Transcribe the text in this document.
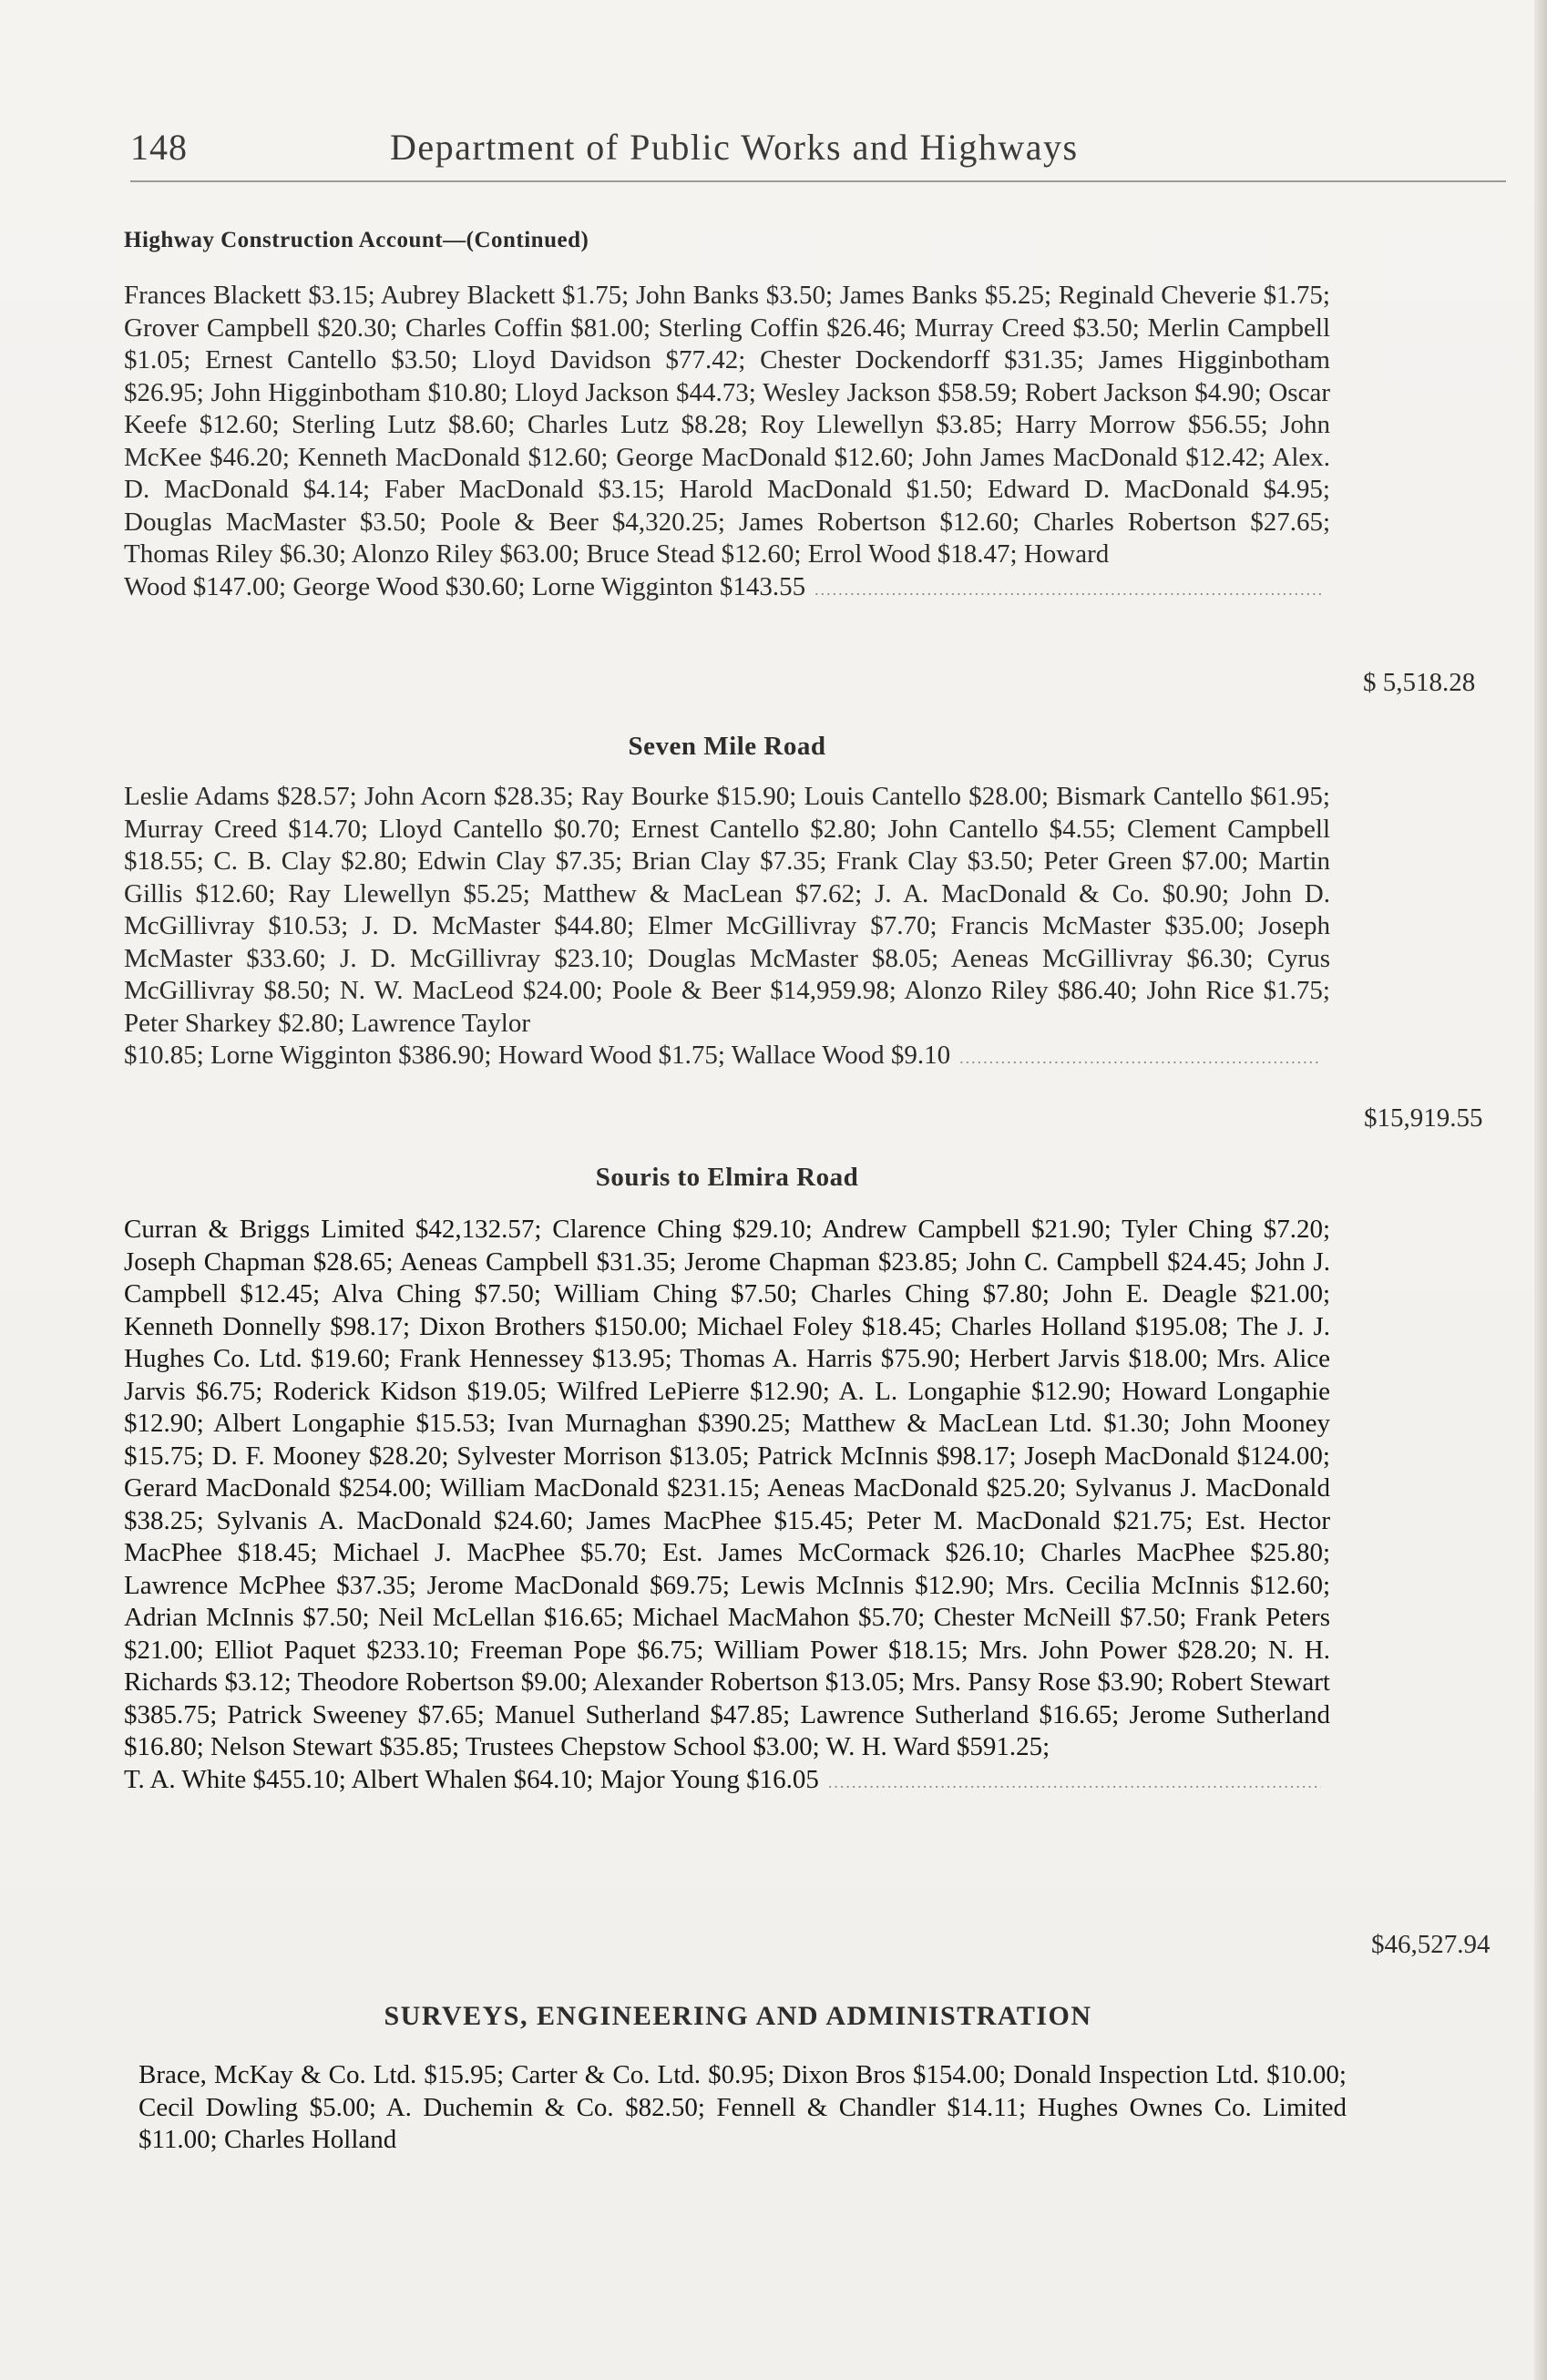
148	Department of Public Works and Highways
Highway Construction Account—(Continued)

Frances Blackett $3.15; Aubrey Blackett $1.75; John Banks $3.50; James Banks $5.25; Reginald Cheverie $1.75; Grover Campbell $20.30; Charles Coffin $81.00; Sterling Coffin $26.46; Murray Creed $3.50; Merlin Campbell $1.05; Ernest Cantello $3.50; Lloyd Davidson $77.42; Chester Dockendorff $31.35; James Higginbotham $26.95; John Higginbotham $10.80; Lloyd Jackson $44.73; Wesley Jackson $58.59; Robert Jackson $4.90; Oscar Keefe $12.60; Sterling Lutz $8.60; Charles Lutz $8.28; Roy Llewellyn $3.85; Harry Morrow $56.55; John McKee $46.20; Kenneth MacDonald $12.60; George MacDonald $12.60; John James MacDonald $12.42; Alex. D. MacDonald $4.14; Faber MacDonald $3.15; Harold MacDonald $1.50; Edward D. MacDonald $4.95; Douglas MacMaster $3.50; Poole & Beer $4,320.25; James Robertson $12.60; Charles Robertson $27.65; Thomas Riley $6.30; Alonzo Riley $63.00; Bruce Stead $12.60; Errol Wood $18.47; Howard

Wood $147.00; George Wood $30.60; Lorne Wigginton $143.55
.....
$ 5,518.28
Seven Mile Road

Leslie Adams $28.57; John Acorn $28.35; Ray Bourke $15.90; Louis Cantello $28.00; Bismark Cantello $61.95; Murray Creed $14.70; Lloyd Cantello $0.70; Ernest Cantello $2.80; John Cantello $4.55; Clement Campbell $18.55; C. B. Clay $2.80; Edwin Clay $7.35; Brian Clay $7.35; Frank Clay $3.50; Peter Green $7.00; Martin Gillis $12.60; Ray Llewellyn $5.25; Matthew & MacLean $7.62; J. A. MacDonald & Co. $0.90; John D. McGillivray $10.53; J. D. McMaster $44.80; Elmer McGillivray $7.70; Francis McMaster $35.00; Joseph McMaster $33.60; J. D. McGillivray $23.10; Douglas McMaster $8.05; Aeneas McGillivray $6.30; Cyrus McGillivray $8.50; N. W. MacLeod $24.00; Poole & Beer $14,959.98; Alonzo Riley $86.40; John Rice $1.75; Peter Sharkey $2.80; Lawrence Taylor

$10.85; Lorne Wigginton $386.90; Howard Wood $1.75; Wallace Wood $9.10
.....
$15,919.55
Souris to Elmira Road

Curran & Briggs Limited $42,132.57; Clarence Ching $29.10; Andrew Campbell $21.90; Tyler Ching $7.20; Joseph Chapman $28.65; Aeneas Campbell $31.35; Jerome Chapman $23.85; John C. Campbell $24.45; John J. Campbell $12.45; Alva Ching $7.50; William Ching $7.50; Charles Ching $7.80; John E. Deagle $21.00; Kenneth Donnelly $98.17; Dixon Brothers $150.00; Michael Foley $18.45; Charles Holland $195.08; The J. J. Hughes Co. Ltd. $19.60; Frank Hennessey $13.95; Thomas A. Harris $75.90; Herbert Jarvis $18.00; Mrs. Alice Jarvis $6.75; Roderick Kidson $19.05; Wilfred LePierre $12.90; A. L. Longaphie $12.90; Howard Longaphie $12.90; Albert Longaphie $15.53; Ivan Murnaghan $390.25; Matthew & MacLean Ltd. $1.30; John Mooney $15.75; D. F. Mooney $28.20; Sylvester Morrison $13.05; Patrick McInnis $98.17; Joseph MacDonald $124.00; Gerard MacDonald $254.00; William MacDonald $231.15; Aeneas MacDonald $25.20; Sylvanus J. MacDonald $38.25; Sylvanis A. MacDonald $24.60; James MacPhee $15.45; Peter M. MacDonald $21.75; Est. Hector MacPhee $18.45; Michael J. MacPhee $5.70; Est. James McCormack $26.10; Charles MacPhee $25.80; Lawrence McPhee $37.35; Jerome MacDonald $69.75; Lewis McInnis $12.90; Mrs. Cecilia McInnis $12.60; Adrian McInnis $7.50; Neil McLellan $16.65; Michael MacMahon $5.70; Chester McNeill $7.50; Frank Peters $21.00; Elliot Paquet $233.10; Freeman Pope $6.75; William Power $18.15; Mrs. John Power $28.20; N. H. Richards $3.12; Theodore Robertson $9.00; Alexander Robertson $13.05; Mrs. Pansy Rose $3.90; Robert Stewart $385.75; Patrick Sweeney $7.65; Manuel Sutherland $47.85; Lawrence Sutherland $16.65; Jerome Sutherland $16.80; Nelson Stewart $35.85; Trustees Chepstow School $3.00; W. H. Ward $591.25;

T. A. White $455.10; Albert Whalen $64.10; Major Young $16.05
.....
$46,527.94
SURVEYS, ENGINEERING AND ADMINISTRATION

Brace, McKay & Co. Ltd. $15.95; Carter & Co. Ltd. $0.95; Dixon Bros $154.00; Donald Inspection Ltd. $10.00; Cecil Dowling $5.00; A. Duchemin & Co. $82.50; Fennell & Chandler $14.11; Hughes Ownes Co. Limited $11.00; Charles Holland
